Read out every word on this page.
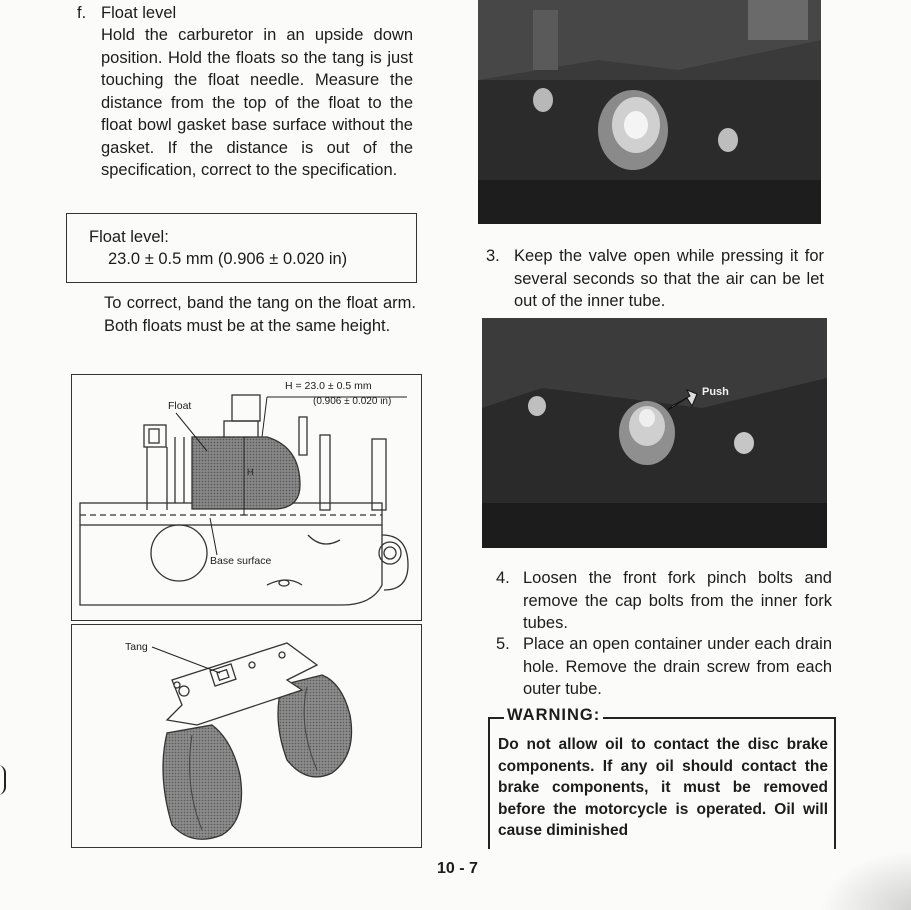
f. Float level
Hold the carburetor in an upside down position. Hold the floats so the tang is just touching the float needle. Measure the distance from the top of the float to the float bowl gasket base surface without the gasket. If the distance is out of the specification, correct to the specification.
Float level:
23.0 ± 0.5 mm (0.906 ± 0.020 in)
To correct, band the tang on the float arm. Both floats must be at the same height.
H = 23.0 ± 0.5 mm
(0.906 ± 0.020 in)
Float
H
Base surface
Tang
3. Keep the valve open while pressing it for several seconds so that the air can be let out of the inner tube.
Push
4. Loosen the front fork pinch bolts and remove the cap bolts from the inner fork tubes.
5. Place an open container under each drain hole. Remove the drain screw from each outer tube.
WARNING:
Do not allow oil to contact the disc brake components. If any oil should contact the brake components, it must be removed before the motorcycle is operated. Oil will cause diminished
10 - 7
